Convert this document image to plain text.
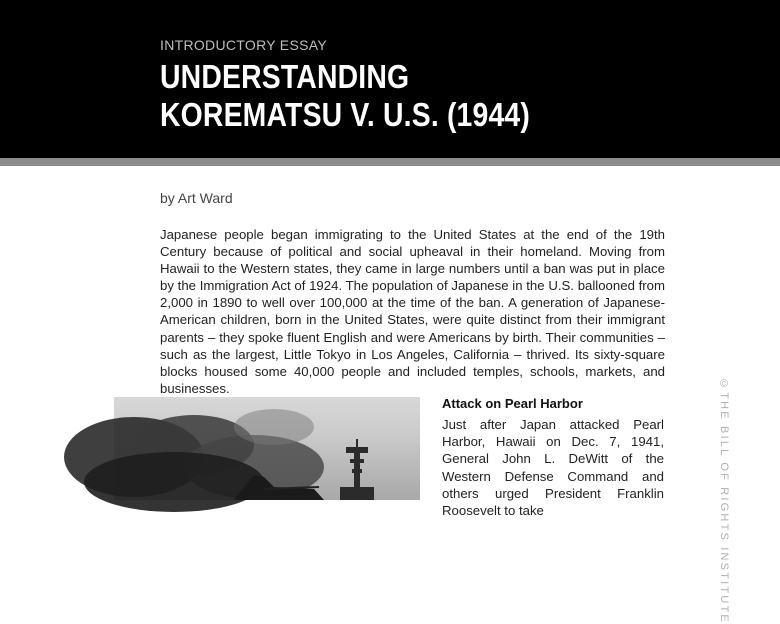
INTRODUCTORY ESSAY
UNDERSTANDING
KOREMATSU V. U.S. (1944)
by Art Ward

Japanese people began immigrating to the United States at the end of the 19th Century because of political and social upheaval in their homeland. Moving from Hawaii to the Western states, they came in large numbers until a ban was put in place by the Immigration Act of 1924. The population of Japanese in the U.S. ballooned from 2,000 in 1890 to well over 100,000 at the time of the ban. A generation of Japanese-American children, born in the United States, were quite distinct from their immigrant parents – they spoke fluent English and were Americans by birth. Their communities – such as the largest, Little Tokyo in Los Angeles, California – thrived. Its sixty-square blocks housed some 40,000 people and included temples, schools, markets, and businesses.

Attack on Pearl Harbor

Just after Japan attacked Pearl Harbor, Hawaii on Dec. 7, 1941, General John L. DeWitt of the Western Defense Command and others urged President Franklin Roosevelt to take	©THE BILL OF RIGHTS INSTITUTE
